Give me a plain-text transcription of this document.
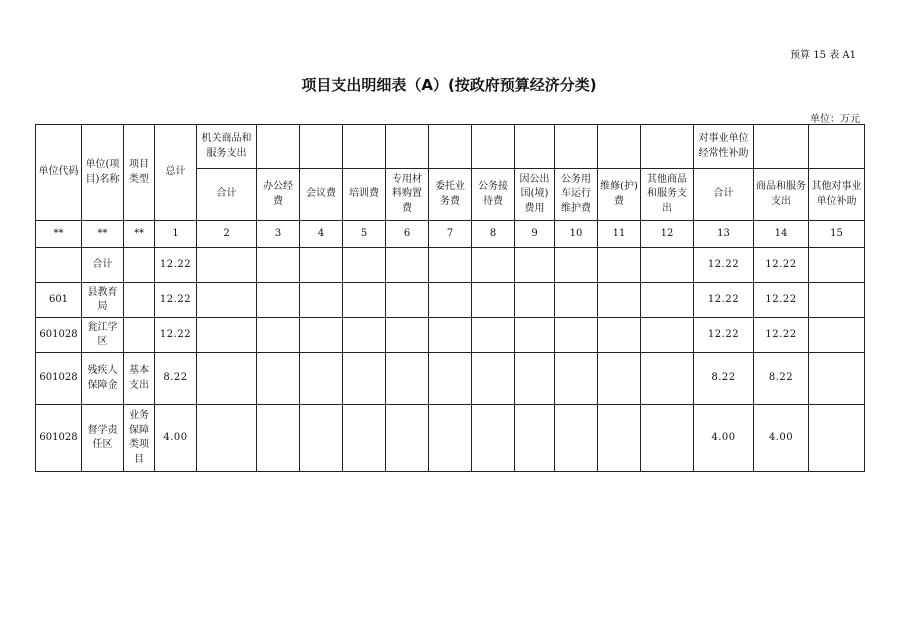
预算 15 表 A1
项目支出明细表（A）(按政府预算经济分类)
单位：万元
单位代码	单位(项目)名称	项目类型	总计	机关商品和服务支出											对事业单位经常性补助		
				合计	办公经费	会议费	培训费	专用材料购置费	委托业务费	公务接待费	因公出国(境)费用	公务用车运行维护费	维修(护)费	其他商品和服务支出	合计	商品和服务支出	其他对事业单位补助
**	**	**	1	2	3	4	5	6	7	8	9	10	11	12	13	14	15
	合计		12.22												12.22	12.22	
601	县教育局		12.22												12.22	12.22	
601028	瓮江学区		12.22												12.22	12.22	
601028	残疾人保障金	基本支出	8.22												8.22	8.22	
601028	督学责任区	业务保障类项目	4.00												4.00	4.00	
